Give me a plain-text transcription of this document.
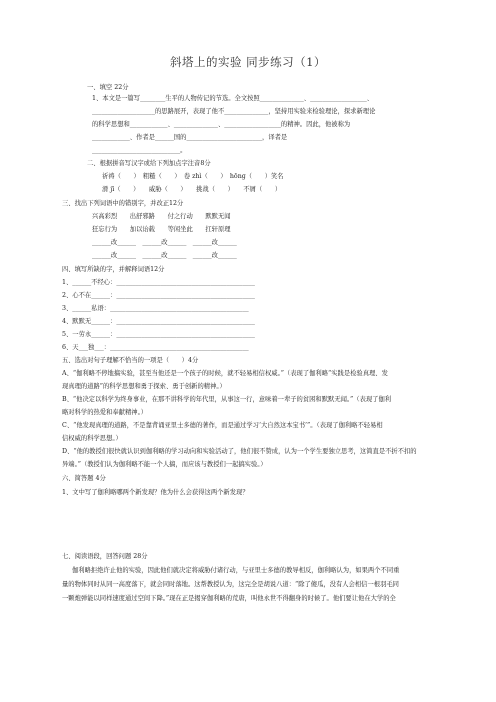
斜塔上的实验 同步练习（1）
一、填空 22分
1、本文是一篇写________生平的人物传记的节选。全文按照______________、__________________、
____________________的思路展开，表现了他不______________，坚持用实验来检验理论，探求新理论
的科学思想和____________、______________、__________________的精神。因此，他被称为
____________、作者是______国的________________________，译者是
____________________________。
二、根据拼音写汉字或给下列加点字注音8分
祈祷（　　）　粗糙（　　）　卷 zhì（　　）　hōnɡ（　　）笑名
滑 jī（　　）　　威胁（　　）　　挑战（　　）　　不屑（　　）
三、找出下列词语中的错别字，并改正12分
兴高彩烈　　出舒邪路　　付之行动　　默默无闻
狂忘行为　　加以诒载　　等闲坐此　　扛轩原理
______改______　______改______　______改______
______改______　______改______　______改______
四、填写所缺的字，并解释词语12分
1、______不经心：____________________________________________
2、心不在______：____________________________________________
3、______私语：____________________________________________
4、默默无______：____________________________________________
5、一劳永______：____________________________________________
6、天___独___：____________________________________________
五、选出对句子理解不恰当的一项是（　　）4分
A、“伽利略不停地搞实验，甚至当他还是一个孩子的时候，就不轻易相信权威。”（表现了伽利略“实践是检验真理、发
现真理的道路”的科学思想和勇于探索、勇于创新的精神。）
B、“他决定以科学为终身事业，在那不讲科学的年代里，从事这一行，意味着一辈子的贫困和默默无闻。”（表现了伽利
略对科学的热爱和奉献精神。）
C、“他发现真理的道路，不是靠背诵亚里士多德的著作，而是通过学习‘大自然这本宝书’”。（表现了伽利略不轻易相
信权威的科学思想。）
D、“他的教授们很快就认识到伽利略的学习动向和实验活动了，他们很不赞成，认为一个学生要独立思考，这简直是不折不扣的
异端。”（教授们认为伽利略不能一个人搞，而应该与教授们一起搞实验。）
六、简答题 4分
1、文中写了伽利略哪两个新发现？他为什么会获得这两个新发现？
七、阅读语段，回答问题 28分
伽利略拒绝许止他的实验，因此他们就决定将威胁付诸行动，与亚里士多德的教导相反，伽利略认为，如果两个不同重
量的物体同时从同一高度落下，就会同时落地。这帮教授认为，这完全是胡说八道：“除了傻瓜，没有人会相信一根羽毛同
一颗炮弹能以同样速度通过空间下降。”现在正是揭穿伽利略的荒唐，叫他永世不得翻身的时候了。他们要让他在大学的全
